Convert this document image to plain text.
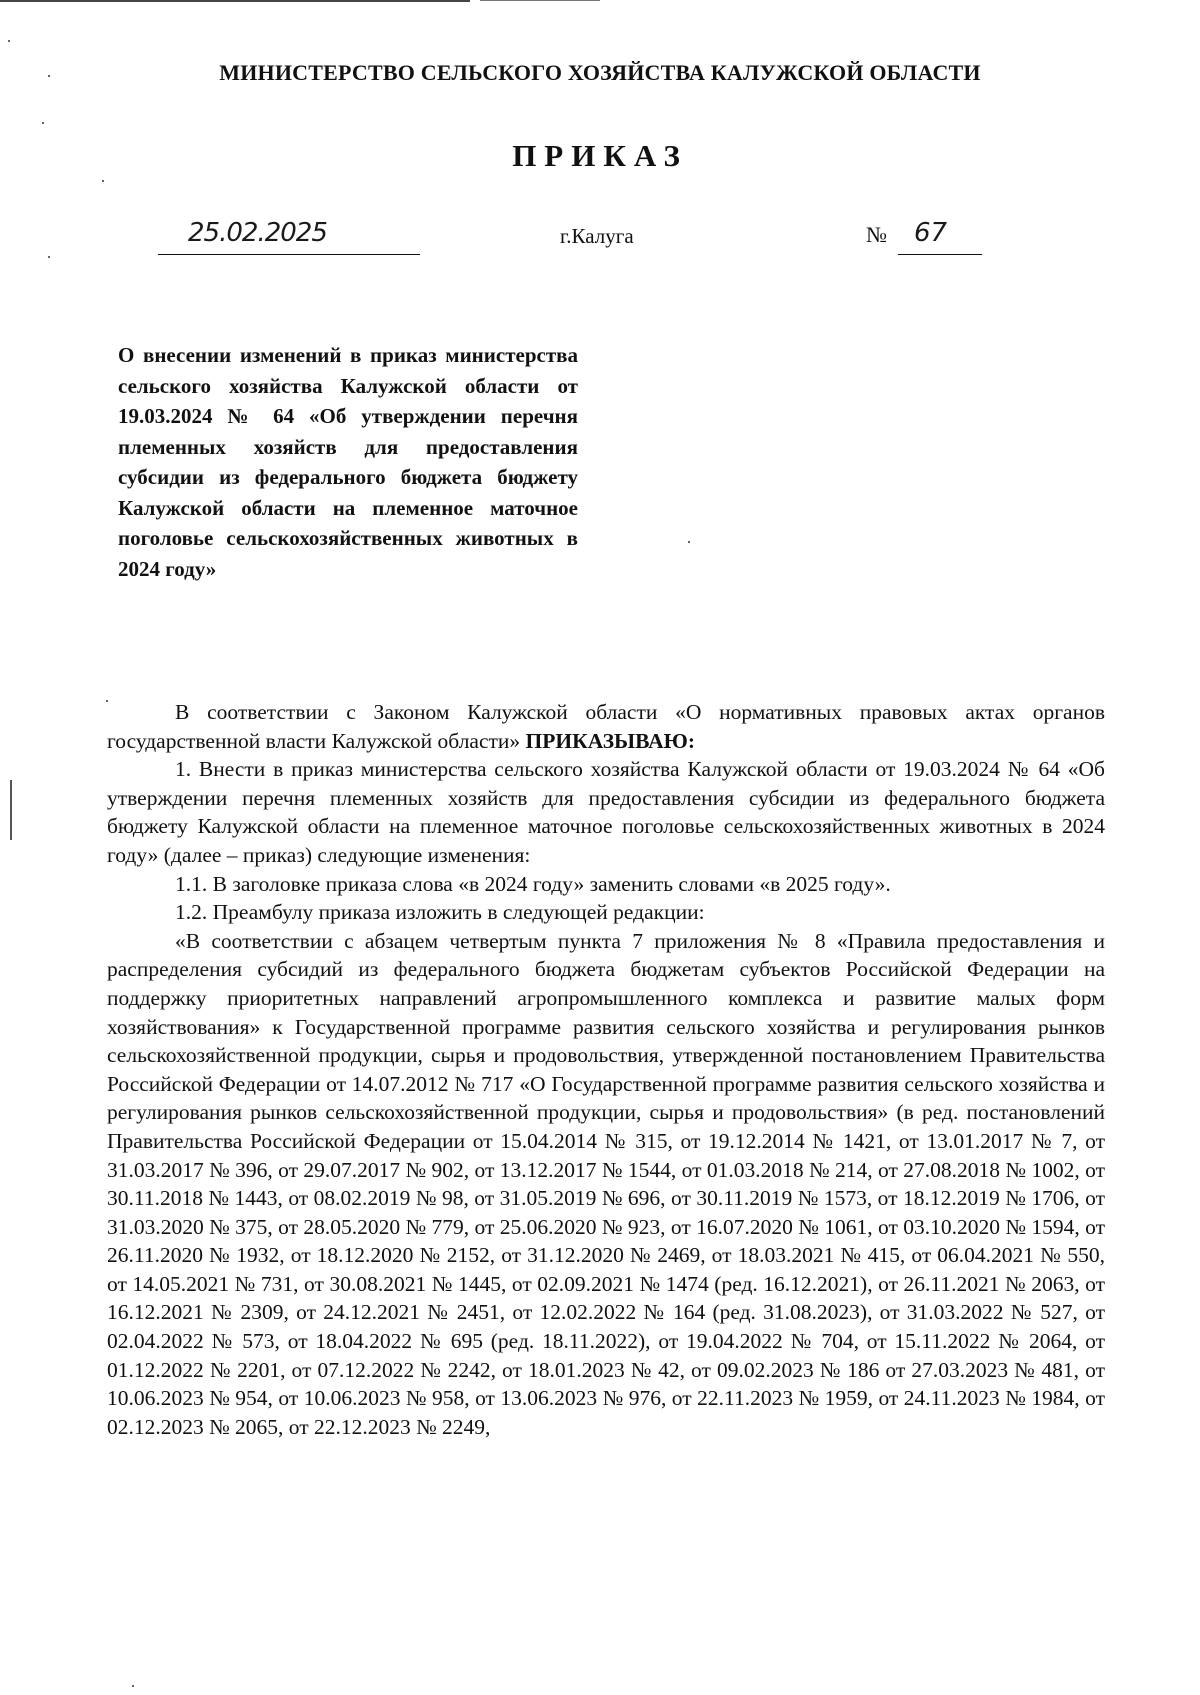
МИНИСТЕРСТВО СЕЛЬСКОГО ХОЗЯЙСТВА КАЛУЖСКОЙ ОБЛАСТИ
ПРИКАЗ
25.02.2025	г.Калуга	№ 67
О внесении изменений в приказ министерства сельского хозяйства Калужской области от 19.03.2024 № 64 «Об утверждении перечня племенных хозяйств для предоставления субсидии из федерального бюджета бюджету Калужской области на племенное маточное поголовье сельскохозяйственных животных в 2024 году»

В соответствии с Законом Калужской области «О нормативных правовых актах органов государственной власти Калужской области» ПРИКАЗЫВАЮ:

1. Внести в приказ министерства сельского хозяйства Калужской области от 19.03.2024 № 64 «Об утверждении перечня племенных хозяйств для предоставления субсидии из федерального бюджета бюджету Калужской области на племенное маточное поголовье сельскохозяйственных животных в 2024 году» (далее – приказ) следующие изменения:

1.1. В заголовке приказа слова «в 2024 году» заменить словами «в 2025 году».

1.2. Преамбулу приказа изложить в следующей редакции:

«В соответствии с абзацем четвертым пункта 7 приложения № 8 «Правила предоставления и распределения субсидий из федерального бюджета бюджетам субъектов Российской Федерации на поддержку приоритетных направлений агропромышленного комплекса и развитие малых форм хозяйствования» к Государственной программе развития сельского хозяйства и регулирования рынков сельскохозяйственной продукции, сырья и продовольствия, утвержденной постановлением Правительства Российской Федерации от 14.07.2012 № 717 «О Государственной программе развития сельского хозяйства и регулирования рынков сельскохозяйственной продукции, сырья и продовольствия» (в ред. постановлений Правительства Российской Федерации от 15.04.2014 № 315, от 19.12.2014 № 1421, от 13.01.2017 № 7, от 31.03.2017 № 396, от 29.07.2017 № 902, от 13.12.2017 № 1544, от 01.03.2018 № 214, от 27.08.2018 № 1002, от 30.11.2018 № 1443, от 08.02.2019 № 98, от 31.05.2019 № 696, от 30.11.2019 № 1573, от 18.12.2019 № 1706, от 31.03.2020 № 375, от 28.05.2020 № 779, от 25.06.2020 № 923, от 16.07.2020 № 1061, от 03.10.2020 № 1594, от 26.11.2020 № 1932, от 18.12.2020 № 2152, от 31.12.2020 № 2469, от 18.03.2021 № 415, от 06.04.2021 № 550, от 14.05.2021 № 731, от 30.08.2021 № 1445, от 02.09.2021 № 1474 (ред. 16.12.2021), от 26.11.2021 № 2063, от 16.12.2021 № 2309, от 24.12.2021 № 2451, от 12.02.2022 № 164 (ред. 31.08.2023), от 31.03.2022 № 527, от 02.04.2022 № 573, от 18.04.2022 № 695 (ред. 18.11.2022), от 19.04.2022 № 704, от 15.11.2022 № 2064, от 01.12.2022 № 2201, от 07.12.2022 № 2242, от 18.01.2023 № 42, от 09.02.2023 № 186 от 27.03.2023 № 481, от 10.06.2023 № 954, от 10.06.2023 № 958, от 13.06.2023 № 976, от 22.11.2023 № 1959, от 24.11.2023 № 1984, от 02.12.2023 № 2065, от 22.12.2023 № 2249,
